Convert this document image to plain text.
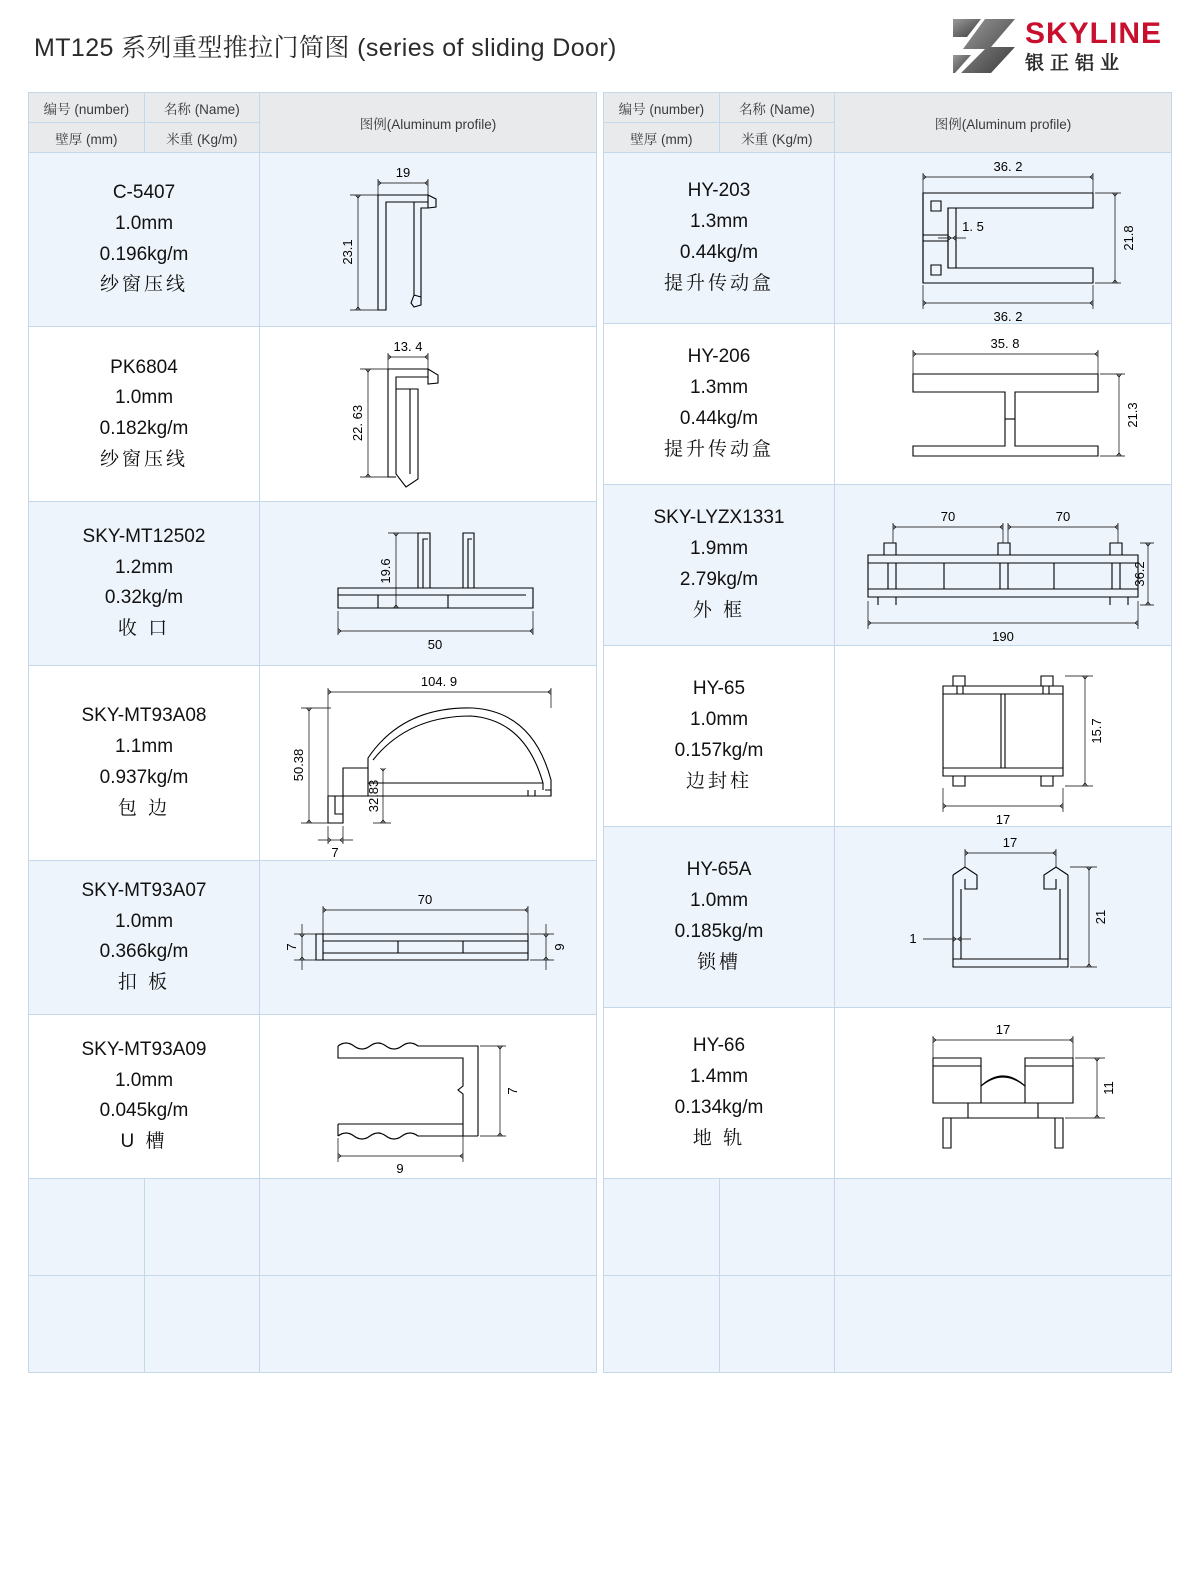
MT125 系列重型推拉门简图 (series of sliding Door)	SKYLINE
银正铝业
编号 (number)	名称 (Name)	图例(Aluminum profile)
壁厚 (mm)	米重 (Kg/m)	

C-5407
1.0mm
0.196kg/m
纱窗压线

19
23.1

PK6804
1.0mm
0.182kg/m
纱窗压线

13. 4
22. 63

SKY-MT12502
1.2mm
0.32kg/m
收 口

19.6
50

SKY-MT93A08
1.1mm
0.937kg/m
包 边

104. 9
50.38
32.83
7

SKY-MT93A07
1.0mm
0.366kg/m
扣 板

70
7	9

SKY-MT93A09
1.0mm
0.045kg/m
U 槽

7
9

编号 (number)	名称 (Name)	图例(Aluminum profile)
壁厚 (mm)	米重 (Kg/m)	

HY-203
1.3mm
0.44kg/m
提升传动盒

36. 2
1. 5	21.8
36. 2

HY-206
1.3mm
0.44kg/m
提升传动盒

35. 8
21.3

SKY-LYZX1331
1.9mm
2.79kg/m
外 框

70	70
36.2
190

HY-65
1.0mm
0.157kg/m
边封柱

15.7
17

HY-65A
1.0mm
0.185kg/m
锁槽

17
21
1

HY-66
1.4mm
0.134kg/m
地 轨

17
11
